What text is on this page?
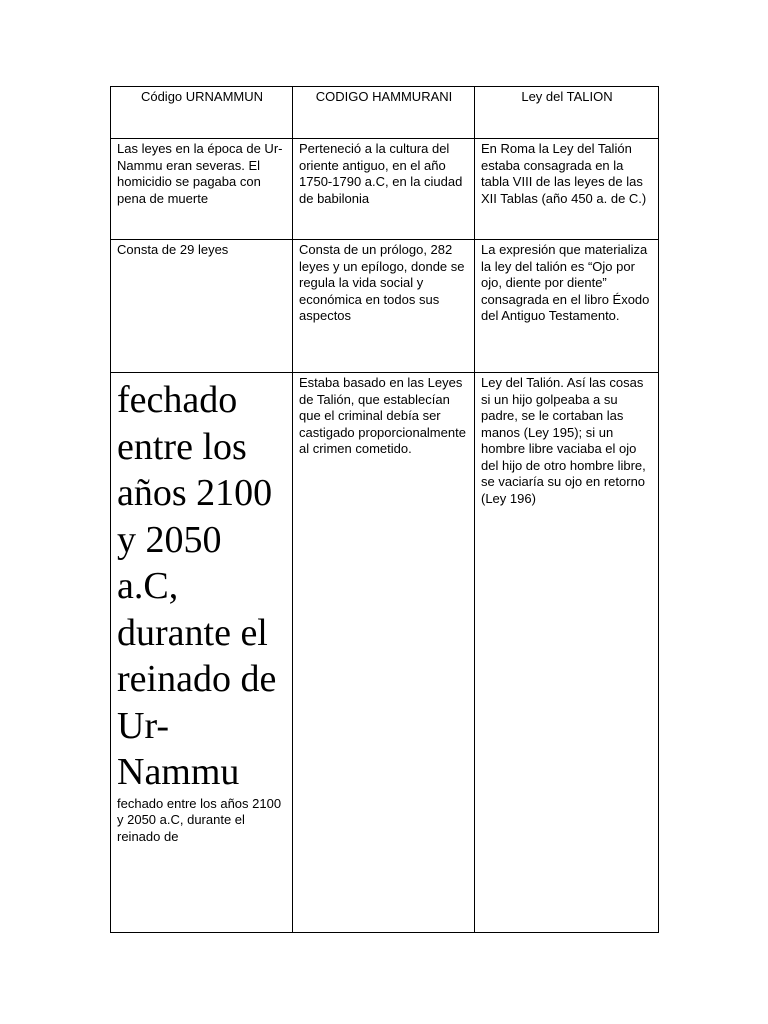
Código URNAMMUN	CODIGO HAMMURANI	Ley del TALION
Las leyes en la época de Ur-Nammu eran severas. El homicidio se pagaba con pena de muerte	Perteneció a la cultura del oriente antiguo, en el año 1750-1790 a.C, en la ciudad de babilonia	En Roma la Ley del Talión estaba consagrada en la tabla VIII de las leyes de las XII Tablas (año 450 a. de C.)
Consta de 29 leyes	Consta de un prólogo, 282 leyes y un epílogo, donde se regula la vida social y económica en todos sus aspectos	La expresión que materializa la ley del talión es “Ojo por ojo, diente por diente” consagrada en el libro Éxodo del Antiguo Testamento.

fechado entre los años 2100 y 2050 a.C, durante el reinado de Ur-Nammu
fechado entre los años 2100 y 2050 a.C, durante el reinado de	Estaba basado en las Leyes de Talión, que establecían que el criminal debía ser castigado proporcionalmente al crimen cometido.	Ley del Talión. Así las cosas si un hijo golpeaba a su padre, se le cortaban las manos (Ley 195); si un hombre libre vaciaba el ojo del hijo de otro hombre libre, se vaciaría su ojo en retorno (Ley 196)
